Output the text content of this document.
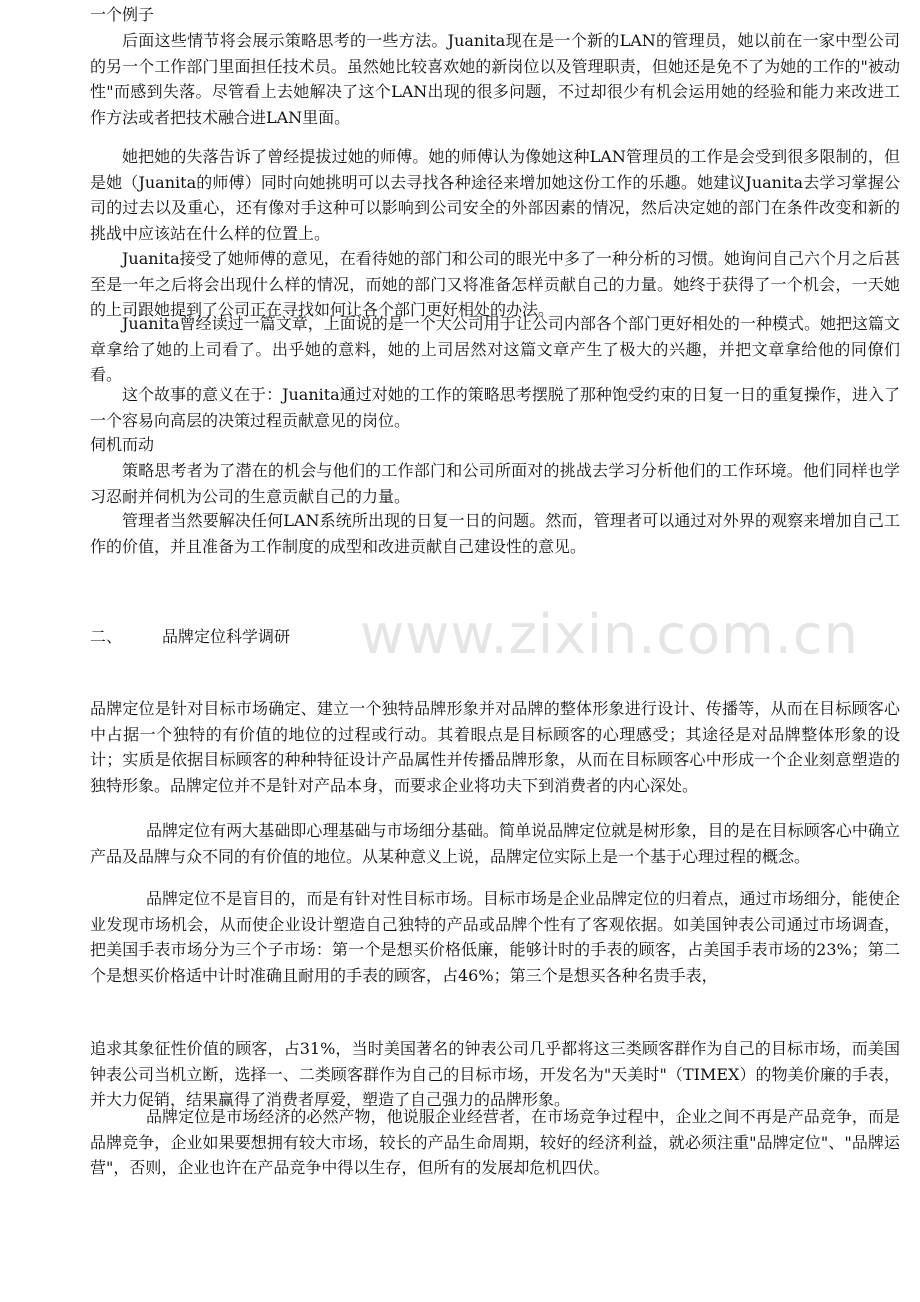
www.zixin.com.cn

一个例子

后面这些情节将会展示策略思考的一些方法。Juanita现在是一个新的LAN的管理员，她以前在一家中型公司的另一个工作部门里面担任技术员。虽然她比较喜欢她的新岗位以及管理职责，但她还是免不了为她的工作的"被动性"而感到失落。尽管看上去她解决了这个LAN出现的很多问题，不过却很少有机会运用她的经验和能力来改进工作方法或者把技术融合进LAN里面。

她把她的失落告诉了曾经提拔过她的师傅。她的师傅认为像她这种LAN管理员的工作是会受到很多限制的，但是她（Juanita的师傅）同时向她挑明可以去寻找各种途径来增加她这份工作的乐趣。她建议Juanita去学习掌握公司的过去以及重心，还有像对手这种可以影响到公司安全的外部因素的情况，然后决定她的部门在条件改变和新的挑战中应该站在什么样的位置上。

Juanita接受了她师傅的意见，在看待她的部门和公司的眼光中多了一种分析的习惯。她询问自己六个月之后甚至是一年之后将会出现什么样的情况，而她的部门又将准备怎样贡献自己的力量。她终于获得了一个机会，一天她的上司跟她提到了公司正在寻找如何让各个部门更好相处的办法。

Juanita曾经读过一篇文章，上面说的是一个大公司用于让公司内部各个部门更好相处的一种模式。她把这篇文章拿给了她的上司看了。出乎她的意料，她的上司居然对这篇文章产生了极大的兴趣，并把文章拿给他的同僚们看。

这个故事的意义在于：Juanita通过对她的工作的策略思考摆脱了那种饱受约束的日复一日的重复操作，进入了一个容易向高层的决策过程贡献意见的岗位。

伺机而动

策略思考者为了潜在的机会与他们的工作部门和公司所面对的挑战去学习分析他们的工作环境。他们同样也学习忍耐并伺机为公司的生意贡献自己的力量。

管理者当然要解决任何LAN系统所出现的日复一日的问题。然而，管理者可以通过对外界的观察来增加自己工作的价值，并且准备为工作制度的成型和改进贡献自己建设性的意见。

二、 品牌定位科学调研

品牌定位是针对目标市场确定、建立一个独特品牌形象并对品牌的整体形象进行设计、传播等，从而在目标顾客心中占据一个独特的有价值的地位的过程或行动。其着眼点是目标顾客的心理感受；其途径是对品牌整体形象的设计；实质是依据目标顾客的种种特征设计产品属性并传播品牌形象，从而在目标顾客心中形成一个企业刻意塑造的独特形象。品牌定位并不是针对产品本身，而要求企业将功夫下到消费者的内心深处。

品牌定位有两大基础即心理基础与市场细分基础。简单说品牌定位就是树形象，目的是在目标顾客心中确立产品及品牌与众不同的有价值的地位。从某种意义上说，品牌定位实际上是一个基于心理过程的概念。

品牌定位不是盲目的，而是有针对性目标市场。目标市场是企业品牌定位的归着点，通过市场细分，能使企业发现市场机会，从而使企业设计塑造自己独特的产品或品牌个性有了客观依据。如美国钟表公司通过市场调查，把美国手表市场分为三个子市场：第一个是想买价格低廉，能够计时的手表的顾客，占美国手表市场的23%；第二个是想买价格适中计时准确且耐用的手表的顾客，占46%；第三个是想买各种名贵手表，

追求其象征性价值的顾客，占31%，当时美国著名的钟表公司几乎都将这三类顾客群作为自己的目标市场，而美国钟表公司当机立断，选择一、二类顾客群作为自己的目标市场，开发名为"天美时"（TIMEX）的物美价廉的手表，并大力促销，结果赢得了消费者厚爱，塑造了自己强力的品牌形象。

品牌定位是市场经济的必然产物，他说服企业经营者，在市场竞争过程中，企业之间不再是产品竞争，而是品牌竞争，企业如果要想拥有较大市场，较长的产品生命周期，较好的经济利益，就必须注重"品牌定位"、"品牌运营"，否则，企业也许在产品竞争中得以生存，但所有的发展却危机四伏。
